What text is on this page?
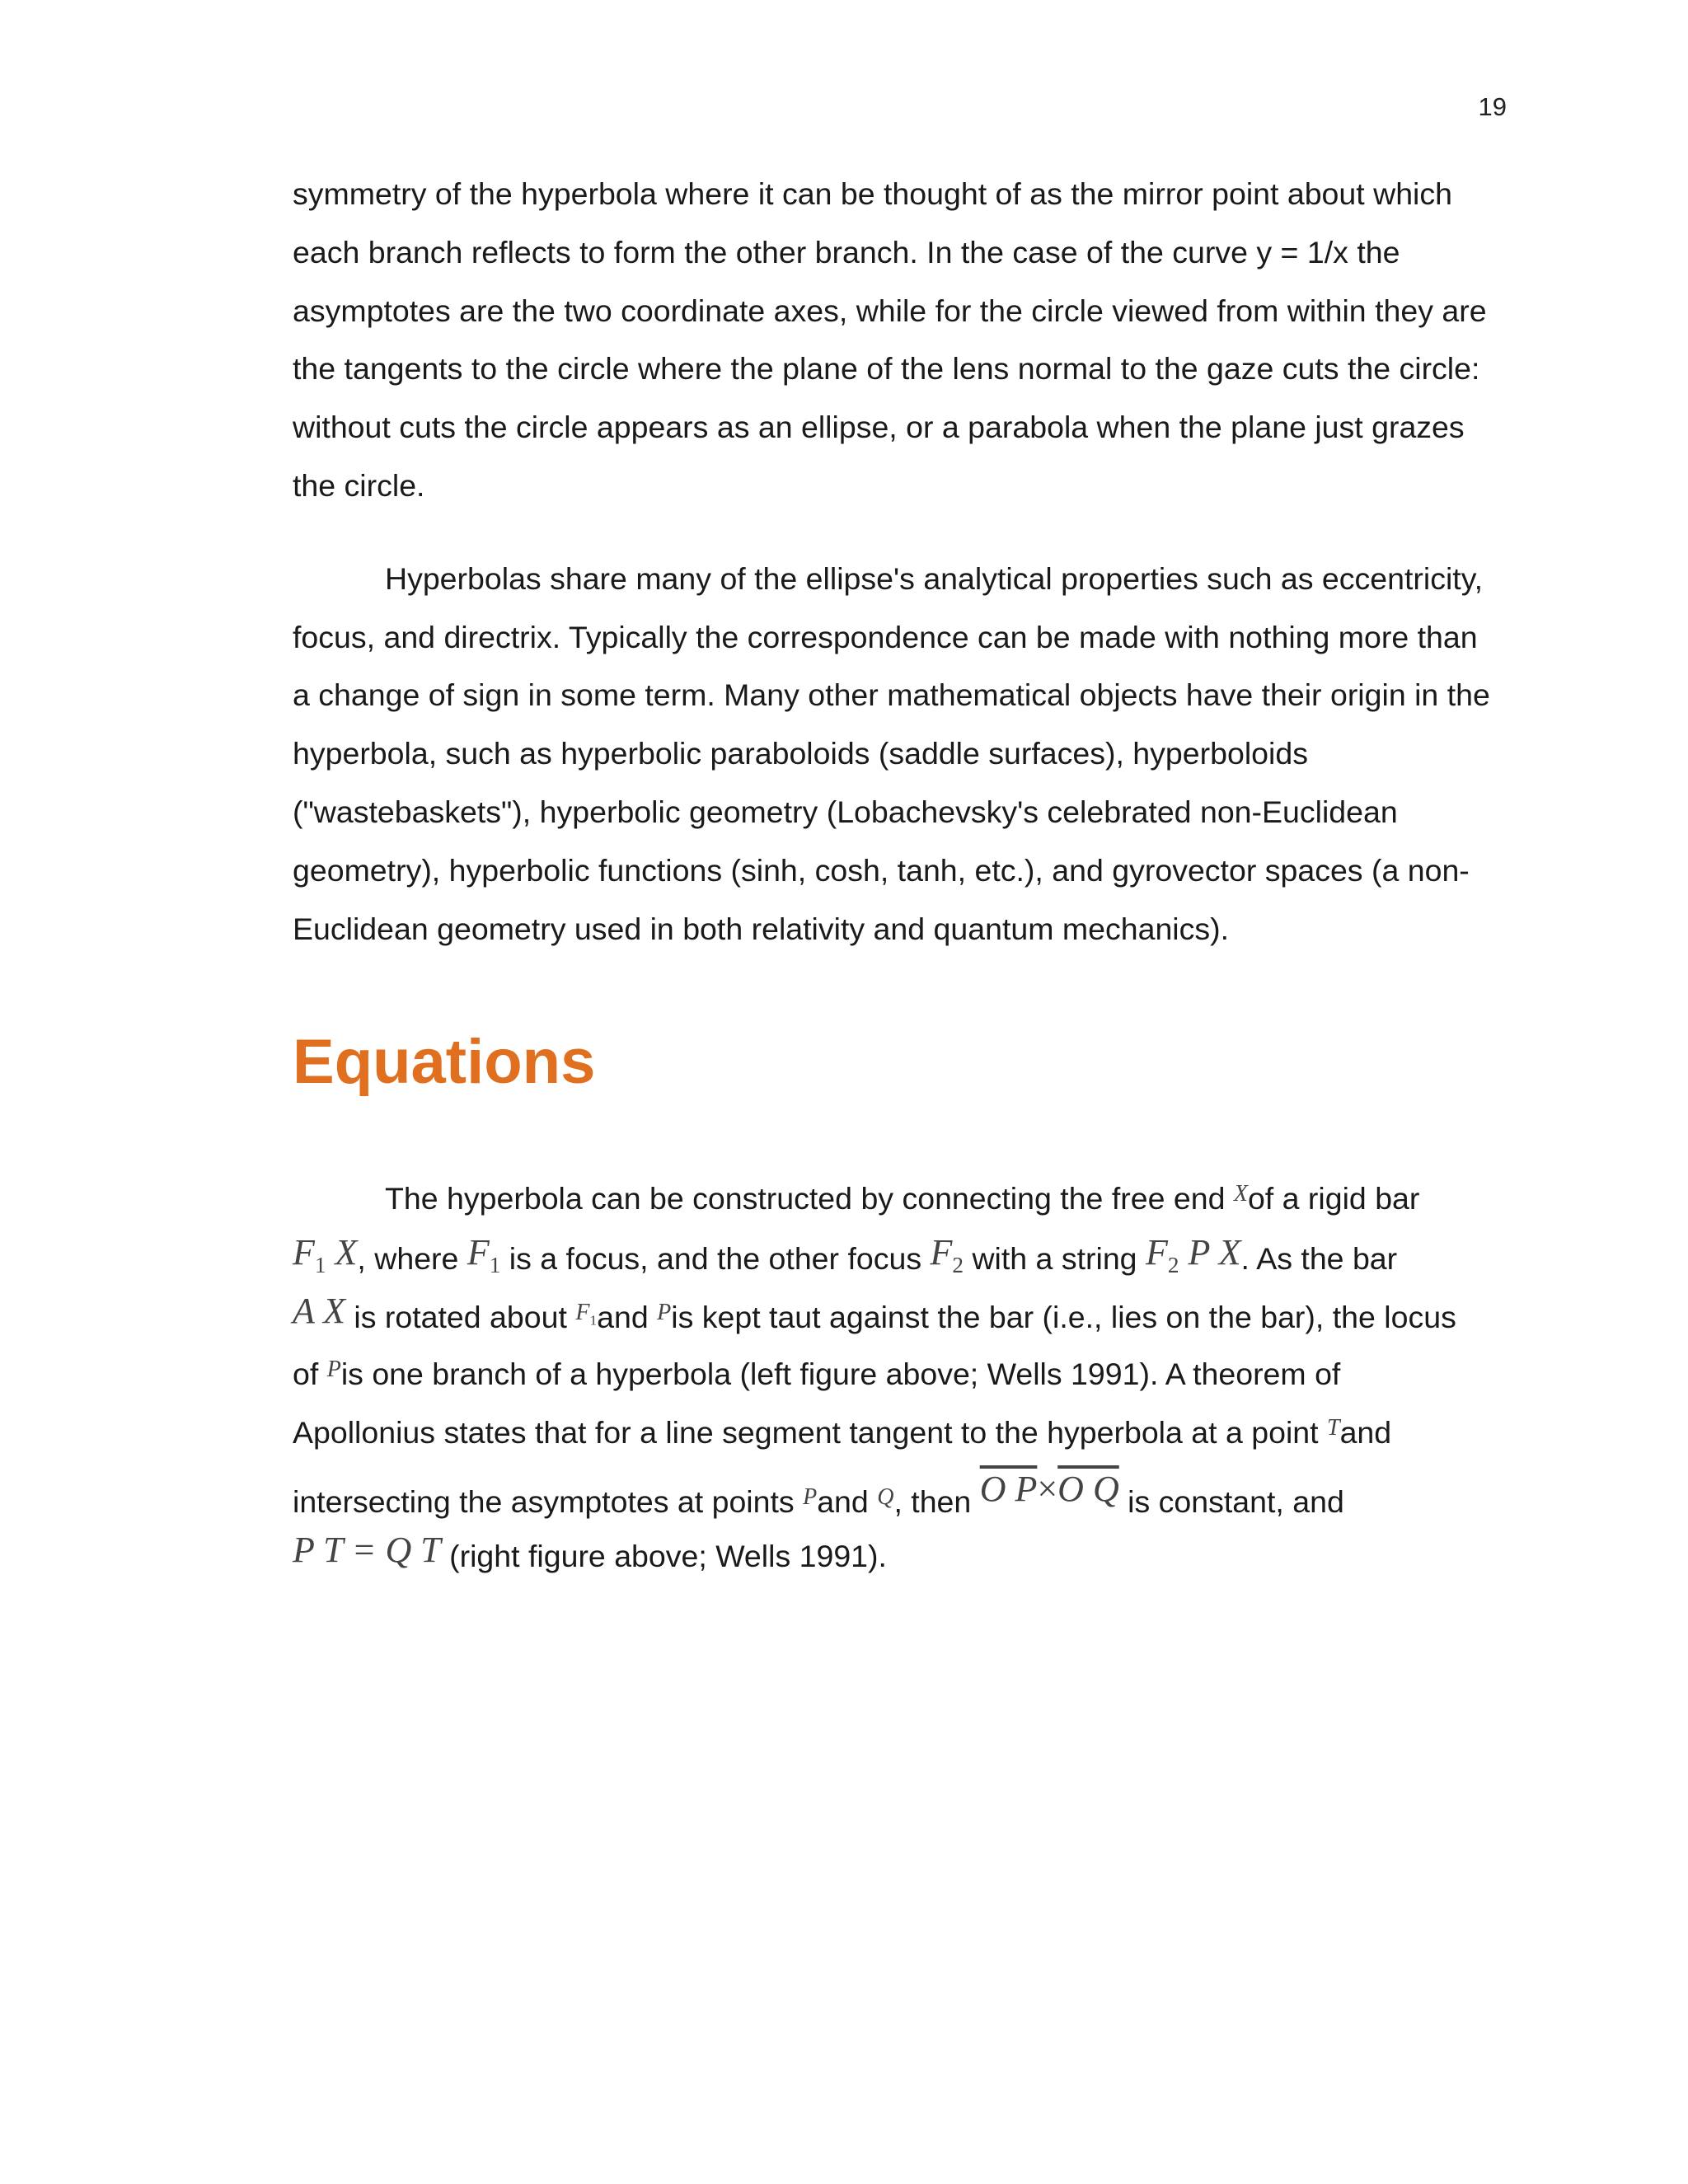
19

symmetry of the hyperbola where it can be thought of as the mirror point about which
each branch reflects to form the other branch. In the case of the curve y = 1/x the
asymptotes are the two coordinate axes, while for the circle viewed from within they are
the tangents to the circle where the plane of the lens normal to the gaze cuts the circle:
without cuts the circle appears as an ellipse, or a parabola when the plane just grazes
the circle.

Hyperbolas share many of the ellipse's analytical properties such as eccentricity,
focus, and directrix. Typically the correspondence can be made with nothing more than
a change of sign in some term. Many other mathematical objects have their origin in the
hyperbola, such as hyperbolic paraboloids (saddle surfaces), hyperboloids
("wastebaskets"), hyperbolic geometry (Lobachevsky's celebrated non-Euclidean
geometry), hyperbolic functions (sinh, cosh, tanh, etc.), and gyrovector spaces (a non-
Euclidean geometry used in both relativity and quantum mechanics).

Equations

The hyperbola can be constructed by connecting the free end $^X$of a rigid bar
$F_1$ X, where $F_1$ is a focus, and the other focus $F_2$ with a string $F_2$ P X. As the bar
A X is rotated about $^{F_1}$and $^P$is kept taut against the bar (i.e., lies on the bar), the locus
of $^P$is one branch of a hyperbola (left figure above; Wells 1991). A theorem of
Apollonius states that for a line segment tangent to the hyperbola at a point $^T$and
intersecting the asymptotes at points $^P$and $^Q$, then O P×O Q is constant, and
P T = Q T (right figure above; Wells 1991).
